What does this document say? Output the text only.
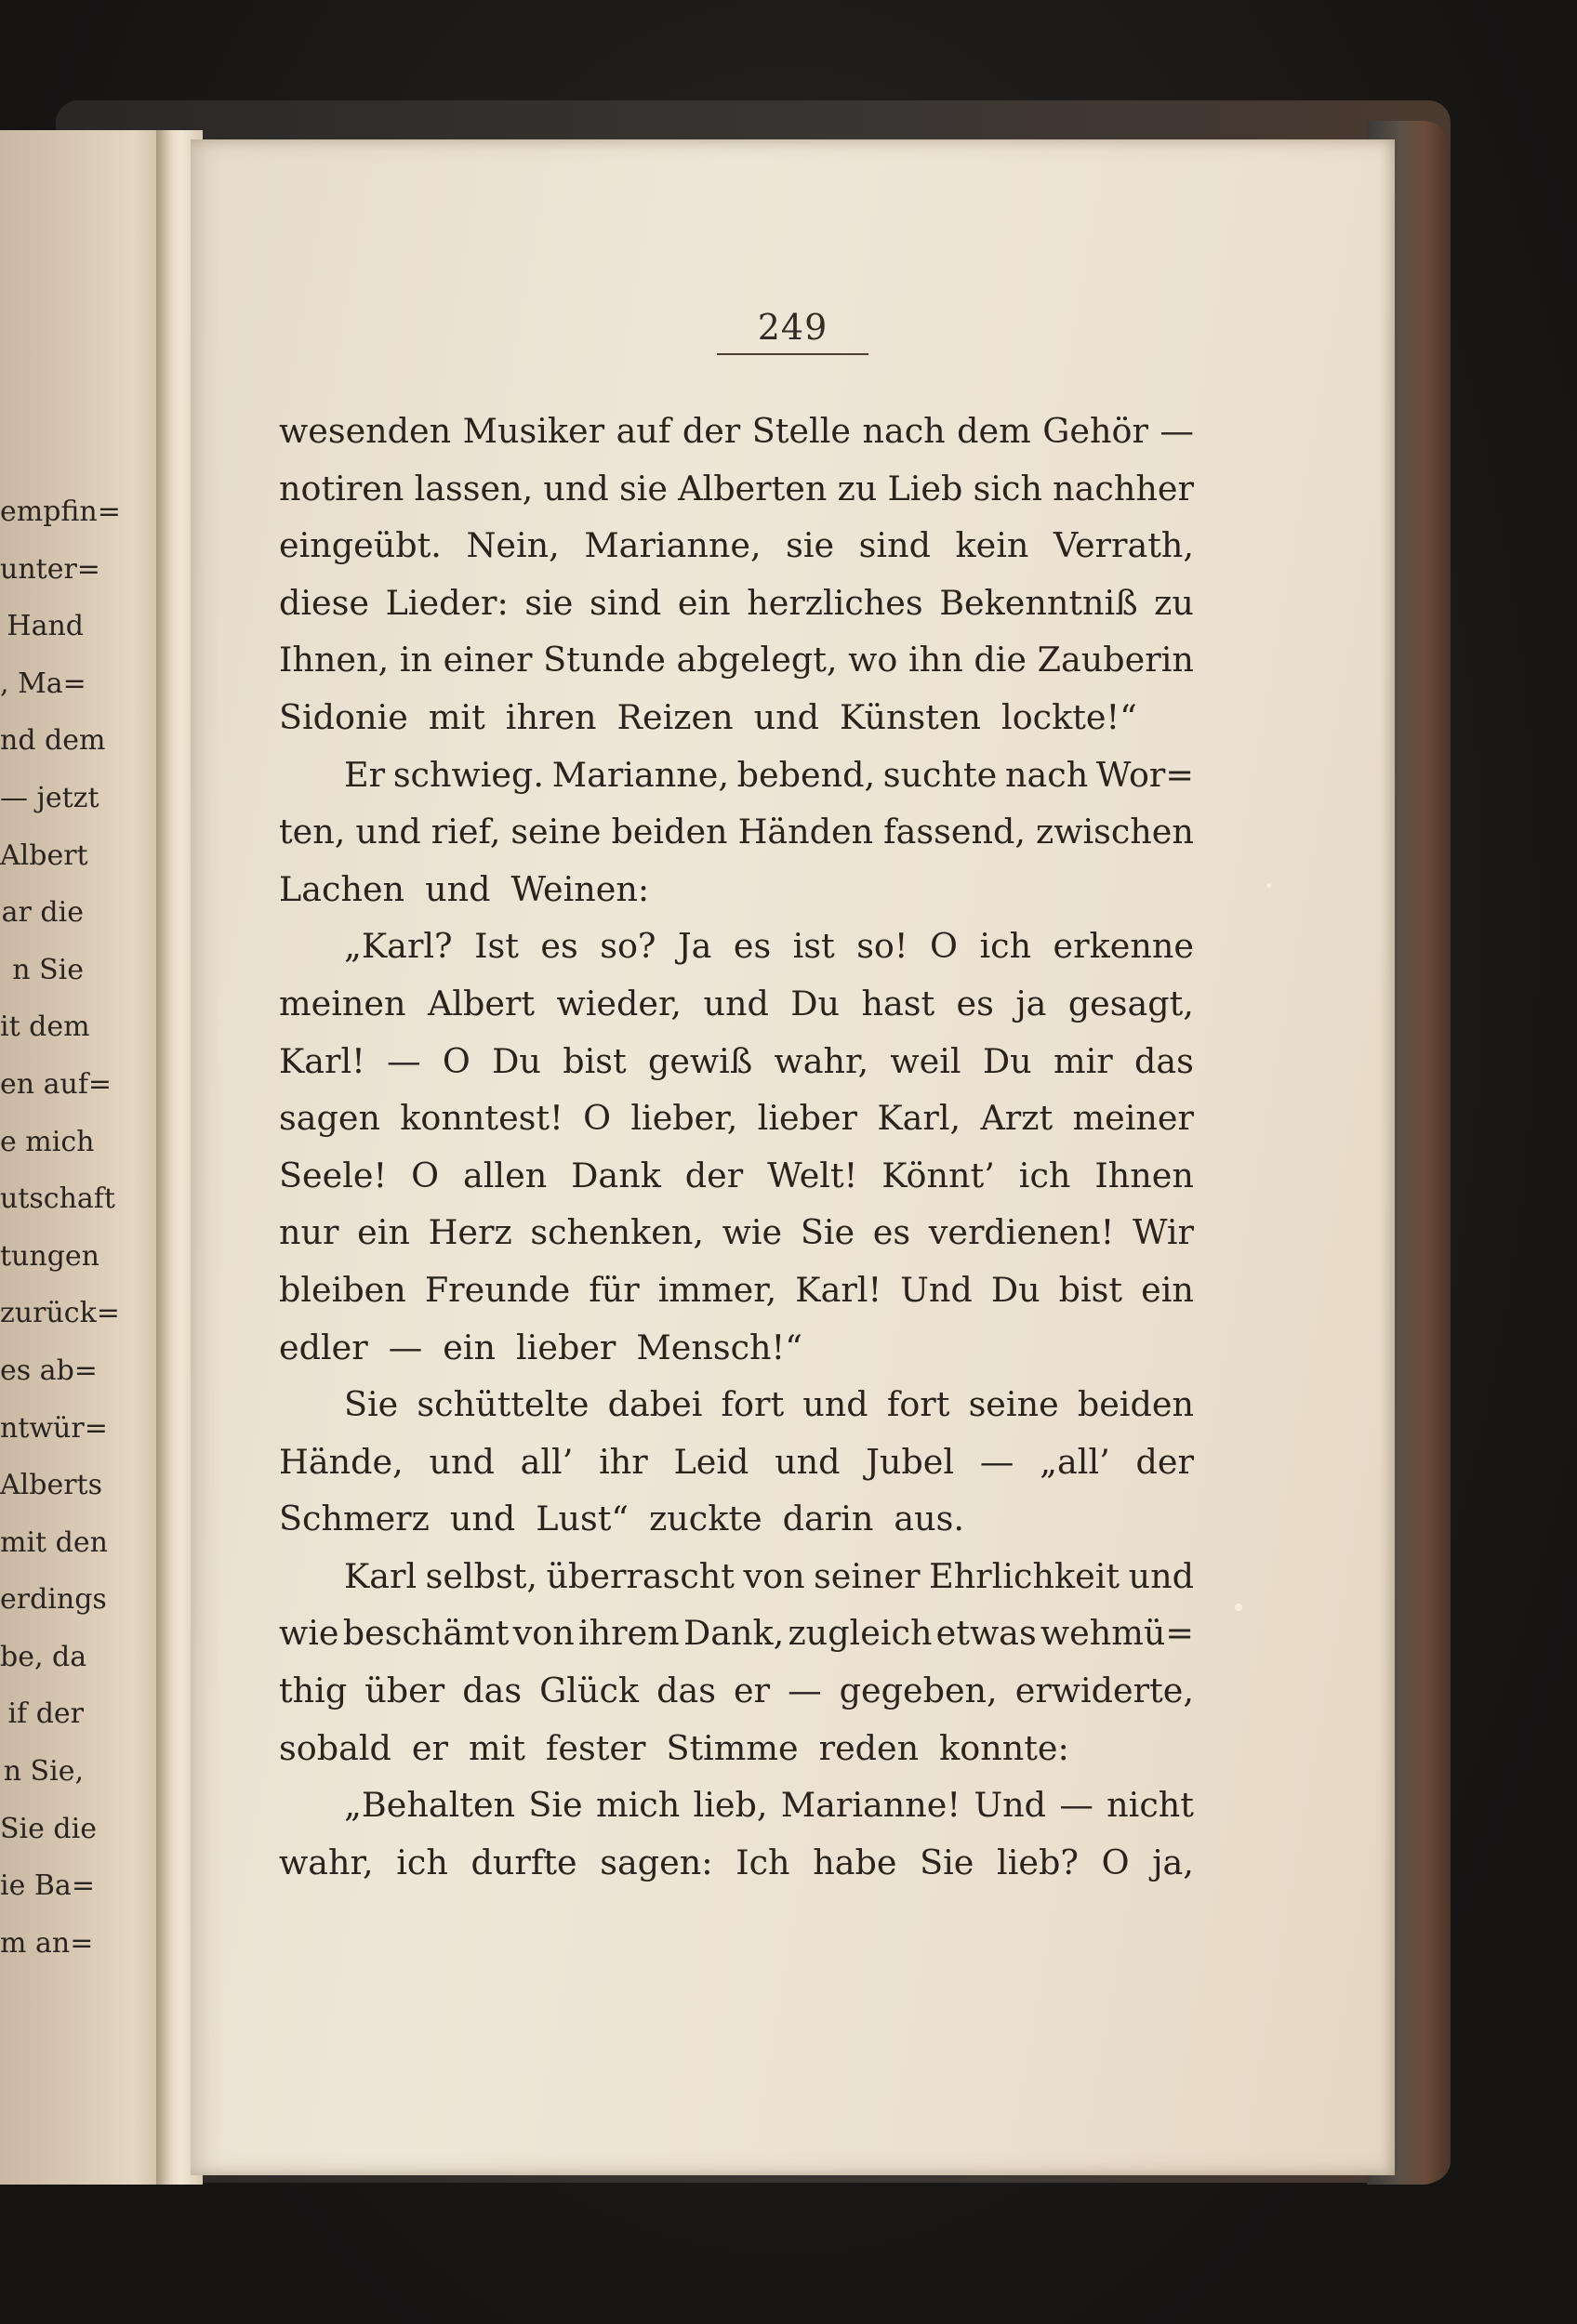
empfin=
unter=
Hand
, Ma=
nd dem
— jetzt
Albert
ar die
n Sie
it dem
en auf=
e mich
utschaft
tungen
zurück=
es ab=
ntwür=
Alberts
mit den
erdings
be, da
if der
n Sie,
Sie die
ie Ba=
m an=
249
wesenden Musiker auf der Stelle nach dem Gehör —
notiren lassen, und sie Alberten zu Lieb sich nachher
eingeübt. Nein, Marianne, sie sind kein Verrath,
diese Lieder: sie sind ein herzliches Bekenntniß zu
Ihnen, in einer Stunde abgelegt, wo ihn die Zauberin
Sidonie mit ihren Reizen und Künsten lockte!“
Er schwieg. Marianne, bebend, suchte nach Wor=
ten, und rief, seine beiden Händen fassend, zwischen
Lachen und Weinen:
„Karl? Ist es so? Ja es ist so! O ich erkenne
meinen Albert wieder, und Du hast es ja gesagt,
Karl! — O Du bist gewiß wahr, weil Du mir das
sagen konntest! O lieber, lieber Karl, Arzt meiner
Seele! O allen Dank der Welt! Könnt’ ich Ihnen
nur ein Herz schenken, wie Sie es verdienen! Wir
bleiben Freunde für immer, Karl! Und Du bist ein
edler — ein lieber Mensch!“
Sie schüttelte dabei fort und fort seine beiden
Hände, und all’ ihr Leid und Jubel — „all’ der
Schmerz und Lust“ zuckte darin aus.
Karl selbst, überrascht von seiner Ehrlichkeit und
wie beschämt von ihrem Dank, zugleich etwas wehmü=
thig über das Glück das er — gegeben, erwiderte,
sobald er mit fester Stimme reden konnte:
„Behalten Sie mich lieb, Marianne! Und — nicht
wahr, ich durfte sagen: Ich habe Sie lieb? O ja,
